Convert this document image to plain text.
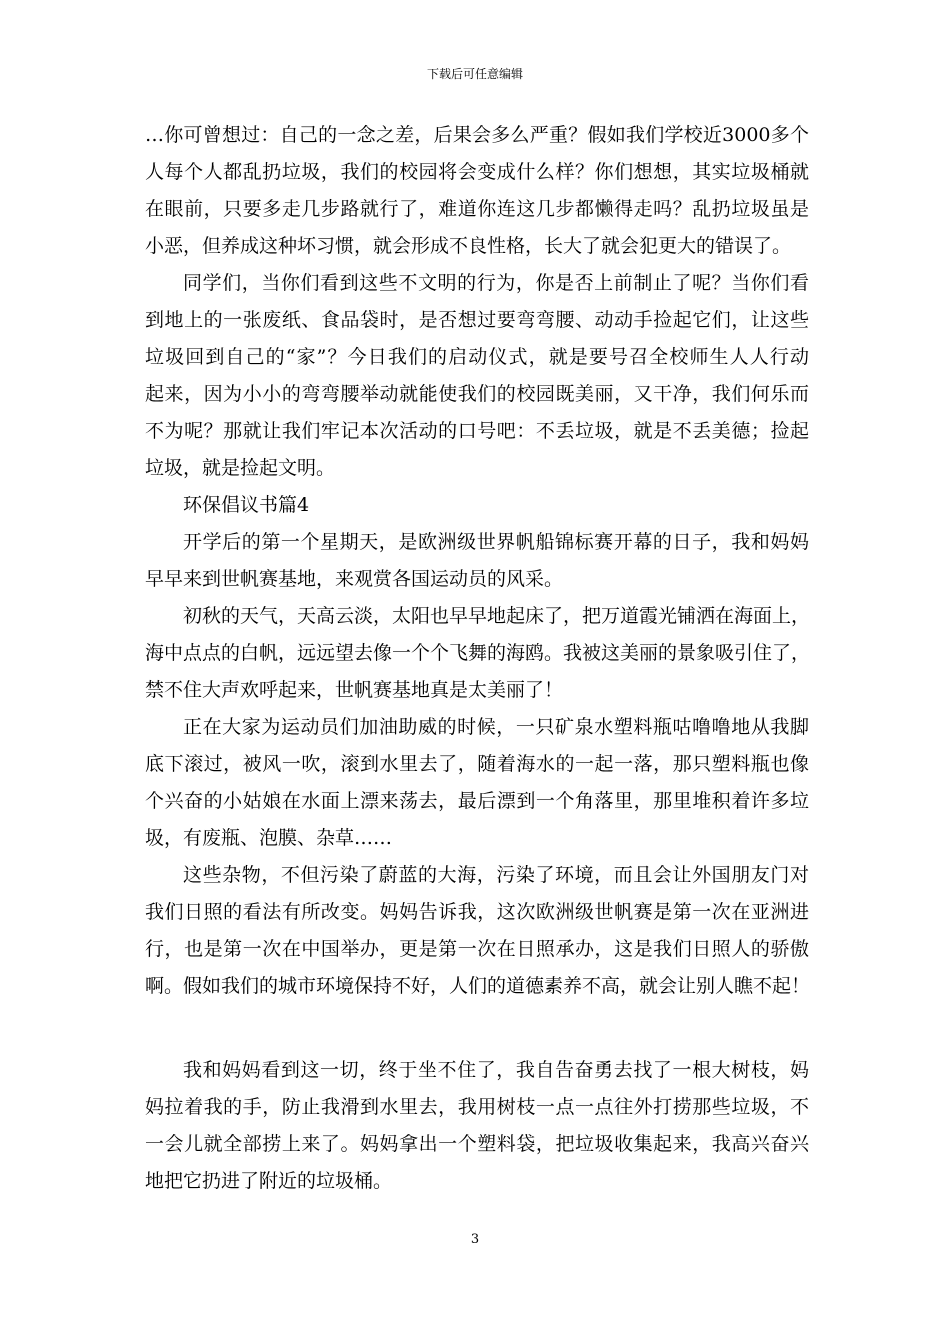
下载后可任意编辑
…你可曾想过：自己的一念之差，后果会多么严重？假如我们学校近3000多个
人每个人都乱扔垃圾，我们的校园将会变成什么样？你们想想，其实垃圾桶就
在眼前，只要多走几步路就行了，难道你连这几步都懒得走吗？乱扔垃圾虽是
小恶，但养成这种坏习惯，就会形成不良性格，长大了就会犯更大的错误了。
同学们，当你们看到这些不文明的行为，你是否上前制止了呢？当你们看
到地上的一张废纸、食品袋时，是否想过要弯弯腰、动动手捡起它们，让这些
垃圾回到自己的“家”？今日我们的启动仪式，就是要号召全校师生人人行动
起来，因为小小的弯弯腰举动就能使我们的校园既美丽，又干净，我们何乐而
不为呢？那就让我们牢记本次活动的口号吧：不丢垃圾，就是不丢美德；捡起
垃圾，就是捡起文明。
环保倡议书篇4
开学后的第一个星期天，是欧洲级世界帆船锦标赛开幕的日子，我和妈妈
早早来到世帆赛基地，来观赏各国运动员的风采。
初秋的天气，天高云淡，太阳也早早地起床了，把万道霞光铺洒在海面上，
海中点点的白帆，远远望去像一个个飞舞的海鸥。我被这美丽的景象吸引住了，
禁不住大声欢呼起来，世帆赛基地真是太美丽了！
正在大家为运动员们加油助威的时候，一只矿泉水塑料瓶咕噜噜地从我脚
底下滚过，被风一吹，滚到水里去了，随着海水的一起一落，那只塑料瓶也像
个兴奋的小姑娘在水面上漂来荡去，最后漂到一个角落里，那里堆积着许多垃
圾，有废瓶、泡膜、杂草……
这些杂物，不但污染了蔚蓝的大海，污染了环境，而且会让外国朋友门对
我们日照的看法有所改变。妈妈告诉我，这次欧洲级世帆赛是第一次在亚洲进
行，也是第一次在中国举办，更是第一次在日照承办，这是我们日照人的骄傲
啊。假如我们的城市环境保持不好，人们的道德素养不高，就会让别人瞧不起！
我和妈妈看到这一切，终于坐不住了，我自告奋勇去找了一根大树枝，妈
妈拉着我的手，防止我滑到水里去，我用树枝一点一点往外打捞那些垃圾，不
一会儿就全部捞上来了。妈妈拿出一个塑料袋，把垃圾收集起来，我高兴奋兴
地把它扔进了附近的垃圾桶。
3
